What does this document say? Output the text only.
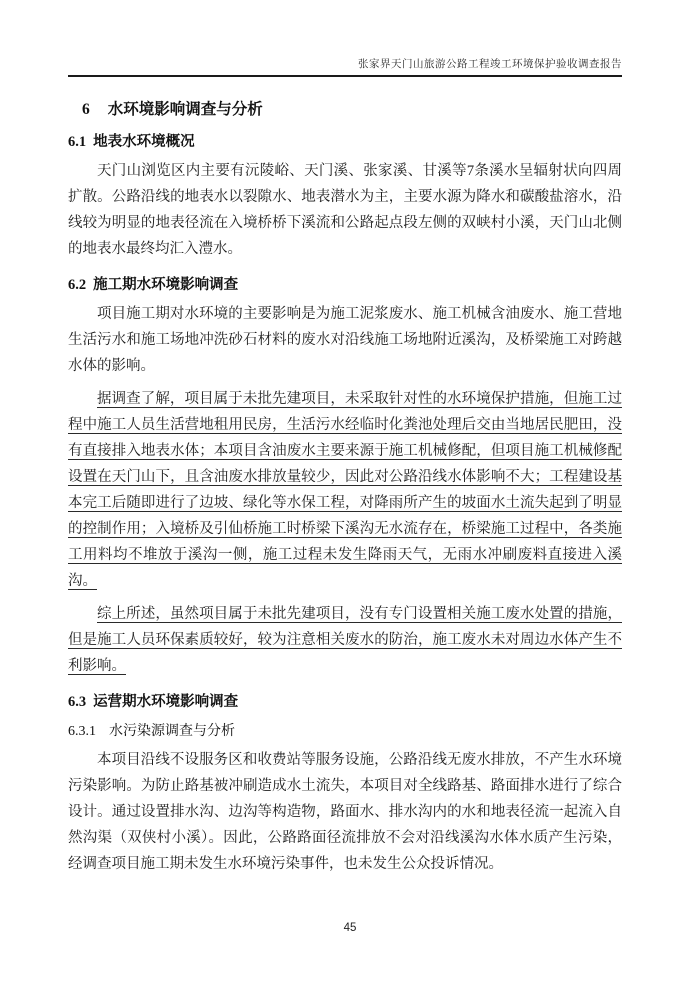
张家界天门山旅游公路工程竣工环境保护验收调查报告
6 水环境影响调查与分析
6.1 地表水环境概况

天门山浏览区内主要有沅陵峪、天门溪、张家溪、甘溪等7条溪水呈辐射状向四周扩散。公路沿线的地表水以裂隙水、地表潜水为主，主要水源为降水和碳酸盐溶水，沿线较为明显的地表径流在入境桥桥下溪流和公路起点段左侧的双峡村小溪，天门山北侧的地表水最终均汇入澧水。

6.2 施工期水环境影响调查

项目施工期对水环境的主要影响是为施工泥浆废水、施工机械含油废水、施工营地生活污水和施工场地冲洗砂石材料的废水对沿线施工场地附近溪沟，及桥梁施工对跨越水体的影响。

据调查了解，项目属于未批先建项目，未采取针对性的水环境保护措施，但施工过程中施工人员生活营地租用民房，生活污水经临时化粪池处理后交由当地居民肥田，没有直接排入地表水体；本项目含油废水主要来源于施工机械修配，但项目施工机械修配设置在天门山下，且含油废水排放量较少，因此对公路沿线水体影响不大；工程建设基本完工后随即进行了边坡、绿化等水保工程，对降雨所产生的坡面水土流失起到了明显的控制作用；入境桥及引仙桥施工时桥梁下溪沟无水流存在，桥梁施工过程中，各类施工用料均不堆放于溪沟一侧，施工过程未发生降雨天气，无雨水冲刷废料直接进入溪沟。

综上所述，虽然项目属于未批先建项目，没有专门设置相关施工废水处置的措施，但是施工人员环保素质较好，较为注意相关废水的防治，施工废水未对周边水体产生不利影响。

6.3 运营期水环境影响调查
6.3.1 水污染源调查与分析

本项目沿线不设服务区和收费站等服务设施，公路沿线无废水排放，不产生水环境污染影响。为防止路基被冲刷造成水土流失，本项目对全线路基、路面排水进行了综合设计。通过设置排水沟、边沟等构造物，路面水、排水沟内的水和地表径流一起流入自然沟渠（双侠村小溪）。因此，公路路面径流排放不会对沿线溪沟水体水质产生污染，经调查项目施工期未发生水环境污染事件，也未发生公众投诉情况。

45
